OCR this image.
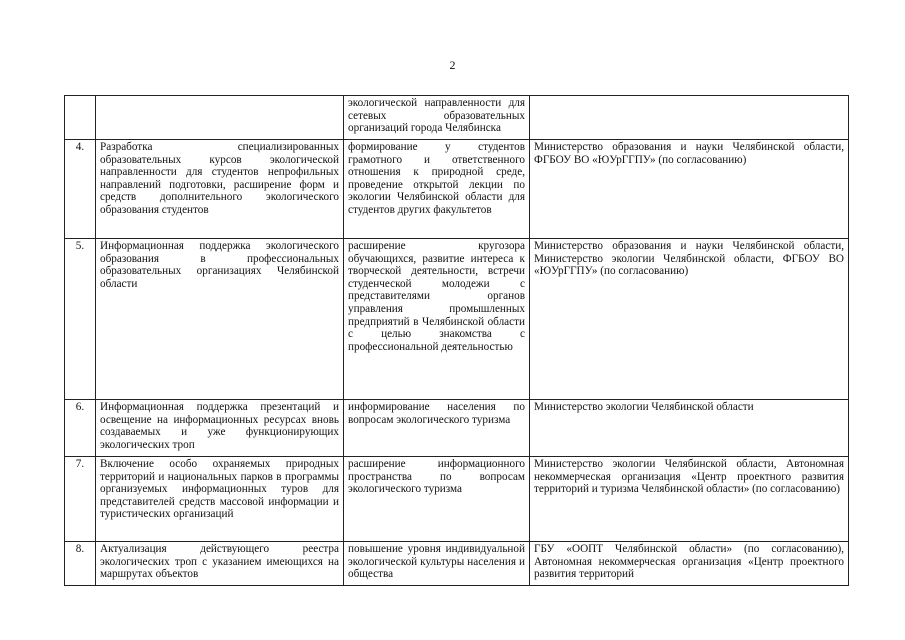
2
		экологической направленности для сетевых образовательных организаций города Челябинска	
4.	Разработка специализированных образовательных курсов экологической направленности для студентов непрофильных направлений подготовки, расширение форм и средств дополнительного экологического образования студентов	формирование у студентов грамотного и ответственного отношения к природной среде, проведение открытой лекции по экологии Челябинской области для студентов других факультетов	Министерство образования и науки Челябинской области, ФГБОУ ВО «ЮУрГГПУ» (по согласованию)
5.	Информационная поддержка экологического образования в профессиональных образовательных организациях Челябинской области	расширение кругозора обучающихся, развитие интереса к творческой деятельности, встречи студенческой молодежи с представителями органов управления промышленных предприятий в Челябинской области с целью знакомства с профессиональной деятельностью	Министерство образования и науки Челябинской области, Министерство экологии Челябинской области, ФГБОУ ВО «ЮУрГГПУ» (по согласованию)
6.	Информационная поддержка презентаций и освещение на информационных ресурсах вновь создаваемых и уже функционирующих экологических троп	информирование населения по вопросам экологического туризма	Министерство экологии Челябинской области
7.	Включение особо охраняемых природных территорий и национальных парков в программы организуемых информационных туров для представителей средств массовой информации и туристических организаций	расширение информационного пространства по вопросам экологического туризма	Министерство экологии Челябинской области, Автономная некоммерческая организация «Центр проектного развития территорий и туризма Челябинской области» (по согласованию)
8.	Актуализация действующего реестра экологических троп с указанием имеющихся на маршрутах объектов	повышение уровня индивидуальной экологической культуры населения и общества	ГБУ «ООПТ Челябинской области» (по согласованию), Автономная некоммерческая организация «Центр проектного развития территорий
